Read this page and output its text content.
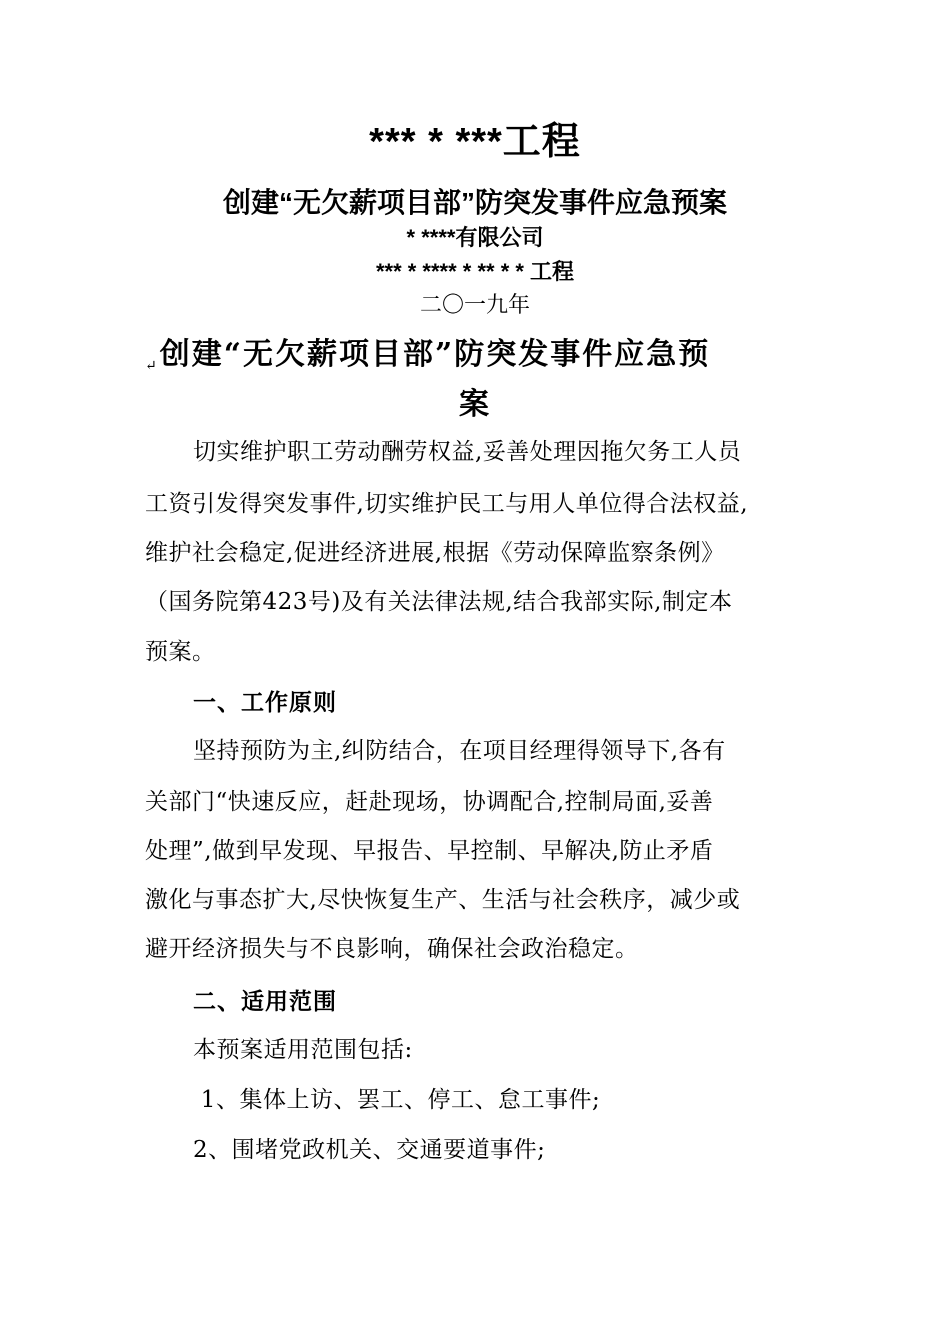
*** * ***工程
创建“无欠薪项目部”防突发事件应急预案
* ****有限公司
*** * **** * ** * * 工程
二〇一九年
$_↵$创建“无欠薪项目部”防突发事件应急预
案
切实维护职工劳动酬劳权益,妥善处理因拖欠务工人员
工资引发得突发事件,切实维护民工与用人单位得合法权益,
维护社会稳定,促进经济进展,根据《劳动保障监察条例》
（国务院第423号)及有关法律法规,结合我部实际,制定本
预案。
一、工作原则
坚持预防为主,纠防结合，在项目经理得领导下,各有
关部门“快速反应，赶赴现场，协调配合,控制局面,妥善
处理”,做到早发现、早报告、早控制、早解决,防止矛盾
激化与事态扩大,尽快恢复生产、生活与社会秩序，减少或
避开经济损失与不良影响，确保社会政治稳定。
二、适用范围
本预案适用范围包括:
1、集体上访、罢工、停工、怠工事件;
2、围堵党政机关、交通要道事件;
